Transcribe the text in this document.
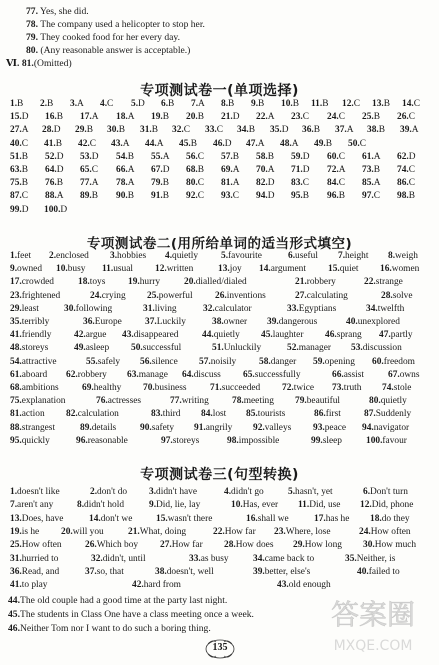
77. Yes, she did.
78. The company used a helicopter to stop her.
79. They cooked food for her every day.
80. (Any reasonable answer is acceptable.)
Ⅵ. 81.(Omitted)
专项测试卷一(单项选择)
1.B 2.B 3.A 4.C 5.D 6.B 7.A 8.B 9.B 10.B 11.B 12.C 13.B 14.C
15.D 16.B 17.A 18.A 19.B 20.B 21.D 22.A 23.C 24.C 25.B 26.C
27.A 28.D 29.B 30.B 31.B 32.C 33.C 34.B 35.D 36.B 37.A 38.B 39.A
40.C 41.B 42.C 43.A 44.A 45.B 46.D 47.A 48.A 49.B 50.C
51.B 52.D 53.D 54.B 55.A 56.C 57.B 58.B 59.D 60.C 61.A 62.D
63.B 64.D 65.C 66.A 67.D 68.B 69.A 70.A 71.D 72.A 73.B 74.C
75.B 76.B 77.A 78.A 79.B 80.C 81.A 82.D 83.C 84.C 85.A 86.C
87.C 88.A 89.B 90.B 91.B 92.C 93.C 94.D 95.B 96.B 97.C 98.B
99.D 100.D
专项测试卷二(用所给单词的适当形式填空)
1.feet 2.enclosed 3.hobbies 4.quietly 5.favourite	6.useful 7.height 8.weigh
9.owned 10.busy 11.usual 12.written	13.joy 14.argument 15.quiet 16.women
17.crowded	18.toys 19.hurry	20.dialled/dialed	21.robbery	22.strange
23.frightened	24.crying 25.powerful 26.inventions	27.calculating	28.solve
29.least	30.following	31.living	32.calculator	33.Egyptians	34.twelfth
35.terribly	36.Europe 37.Luckily	38.owner 39.dangerous	40.unexplored
41.friendly 42.argue 43.disappeared	44.quietly 45.laughter 46.sprang 47.partly
48.storeys	49.asleep 50.successful	51.Unluckily	52.manager 53.discussion
54.attractive	55.safely 56.silence 57.noisily 58.danger 59.opening 60.freedom
61.aboard 62.robbery 63.manage 64.discuss 65.successfully	66.assist	67.owns
68.ambitions 69.healthy 70.business	71.succeeded 72.twice 73.truth 74.stole
75.explanation	76.actresses	77.writing 78.meeting 79.beautiful	80.quietly
81.action 82.calculation	83.third 84.lost 85.tourists	86.first 87.Suddenly
88.strangest	89.details	90.safety 91.angrily 92.valleys 93.peace 94.navigator
95.quickly	96.reasonable	97.storeys	98.impossible	99.sleep	100.favour
专项测试卷三(句型转换)
1.doesn't like	2.don't do 3.didn't have	4.didn't go	5.hasn't, yet	6.Don't turn
7.aren't any	8.didn't hold	9.Did, lie, lay	10.Has, ever 11.Did, use 12.Did, phone
13.Does, have	14.don't we	15.wasn't there	16.shall we	17.has he 18.do they
19.is he 20.will you	21.What, doing	22.How far 23.Where, lose	24.How often
25.How often 26.Which boy 27.How far 28.How does 29.How long 30.How much
31.hurried to	32.didn't, until	33.as busy	34.came back to	35.Neither, is
36.Read, and	37.so, that	38.doesn't, well	39.better, else's	40.failed to
41.to play	42.hard from	43.old enough
44.The old couple had a good time at the party last night.
45.The students in Class One have a class meeting once a week.
46.Neither Tom nor I want to do such a boring thing.
135
答案圈
MXQE.COM
